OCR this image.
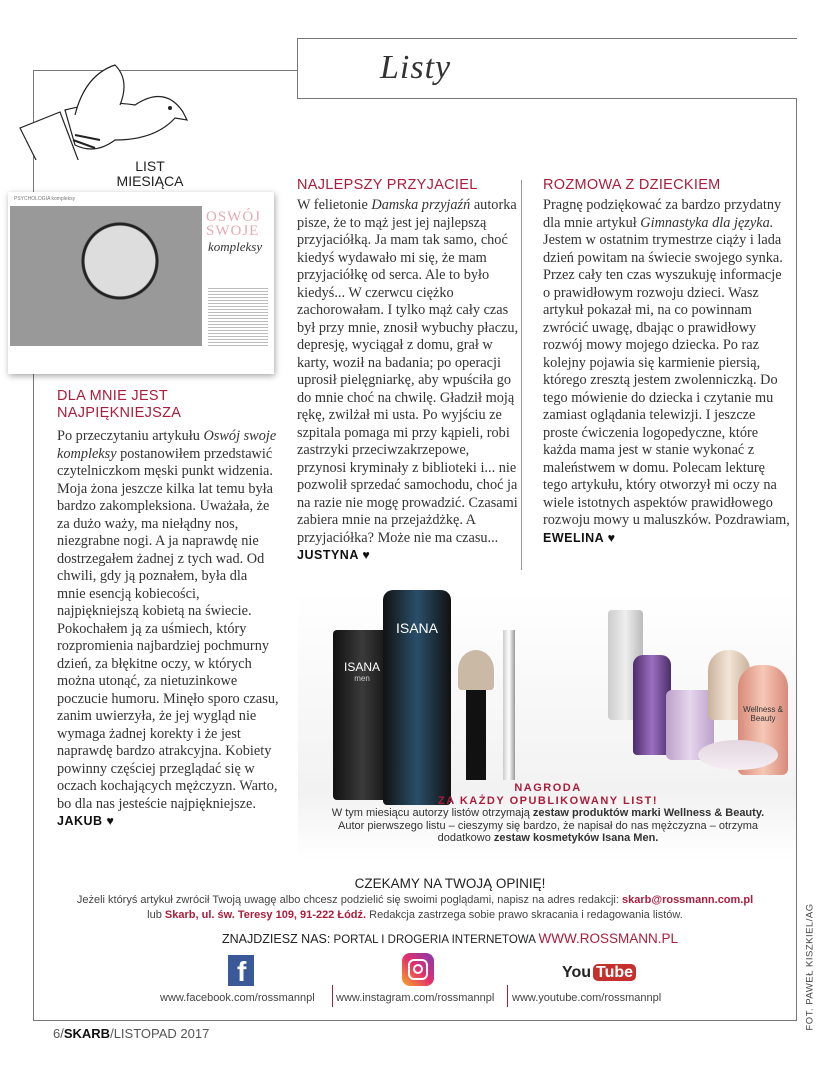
Listy
LIST
MIESIĄCA
PSYCHOLOGIA kompleksy
OSWÓJ
SWOJE
kompleksy
DLA MNIE JEST
NAJPIĘKNIEJSZA

Po przeczytaniu artykułu Oswój swoje kompleksy postanowiłem przedstawić czytelniczkom męski punkt widzenia. Moja żona jeszcze kilka lat temu była bardzo zakompleksiona. Uważała, że za dużo waży, ma niełądny nos, niezgrabne nogi. A ja naprawdę nie dostrzegałem żadnej z tych wad. Od chwili, gdy ją poznałem, była dla mnie esencją kobiecości, najpiękniejszą kobietą na świecie. Pokochałem ją za uśmiech, który rozpromienia najbardziej pochmurny dzień, za błękitne oczy, w których można utonąć, za nietuzinkowe poczucie humoru. Minęło sporo czasu, zanim uwierzyła, że jej wygląd nie wymaga żadnej korekty i że jest naprawdę bardzo atrakcyjna. Kobiety powinny częściej przeglądać się w oczach kochających mężczyzn. Warto, bo dla nas jesteście najpiękniejsze. JAKUB ♥

NAJLEPSZY PRZYJACIEL

W felietonie Damska przyjaźń autorka pisze, że to mąż jest jej najlepszą przyjaciółką. Ja mam tak samo, choć kiedyś wydawało mi się, że mam przyjaciółkę od serca. Ale to było kiedyś... W czerwcu ciężko zachorowałam. I tylko mąż cały czas był przy mnie, znosił wybuchy płaczu, depresję, wyciągał z domu, grał w karty, woził na badania; po operacji uprosił pielęgniarkę, aby wpuściła go do mnie choć na chwilę. Gładził moją rękę, zwilżał mi usta. Po wyjściu ze szpitala pomaga mi przy kąpieli, robi zastrzyki przeciwzakrzepowe, przynosi kryminały z biblioteki i... nie pozwolił sprzedać samochodu, choć ja na razie nie mogę prowadzić. Czasami zabiera mnie na przejażdżkę. A przyjaciółka? Może nie ma czasu... JUSTYNA ♥

ROZMOWA Z DZIECKIEM

Pragnę podziękować za bardzo przydatny dla mnie artykuł Gimnastyka dla języka. Jestem w ostatnim trymestrze ciąży i lada dzień powitam na świecie swojego synka. Przez cały ten czas wyszukuję informacje o prawidłowym rozwoju dzieci. Wasz artykuł pokazał mi, na co powinnam zwrócić uwagę, dbając o prawidłowy rozwój mowy mojego dziecka. Po raz kolejny pojawia się karmienie piersią, którego zresztą jestem zwolenniczką. Do tego mówienie do dziecka i czytanie mu zamiast oglądania telewizji. I jeszcze proste ćwiczenia logopedyczne, które każda mama jest w stanie wykonać z maleństwem w domu. Polecam lekturę tego artykułu, który otworzył mi oczy na wiele istotnych aspektów prawidłowego rozwoju mowy u maluszków. Pozdrawiam, EWELINA ♥

ISANA
men
ISANA
Wellness & Beauty
NAGRODA
ZA KAŻDY OPUBLIKOWANY LIST!
W tym miesiącu autorzy listów otrzymają zestaw produktów marki Wellness & Beauty.
Autor pierwszego listu – cieszymy się bardzo, że napisał do nas mężczyzna – otrzyma
dodatkowo zestaw kosmetyków Isana Men.
CZEKAMY NA TWOJĄ OPINIĘ!
Jeżeli któryś artykuł zwrócił Twoją uwagę albo chcesz podzielić się swoimi poglądami, napisz na adres redakcji: skarb@rossmann.com.pl
lub Skarb, ul. św. Teresy 109, 91-222 Łódź. Redakcja zastrzega sobie prawo skracania i redagowania listów.
ZNAJDZIESZ NAS: PORTAL I DROGERIA INTERNETOWA WWW.ROSSMANN.PL
f	You Tube
www.facebook.com/rossmannpl www.instagram.com/rossmannpl www.youtube.com/rossmannpl	FOT. PAWEŁ KISZKIEL/AG
6/SKARB/LISTOPAD 2017
